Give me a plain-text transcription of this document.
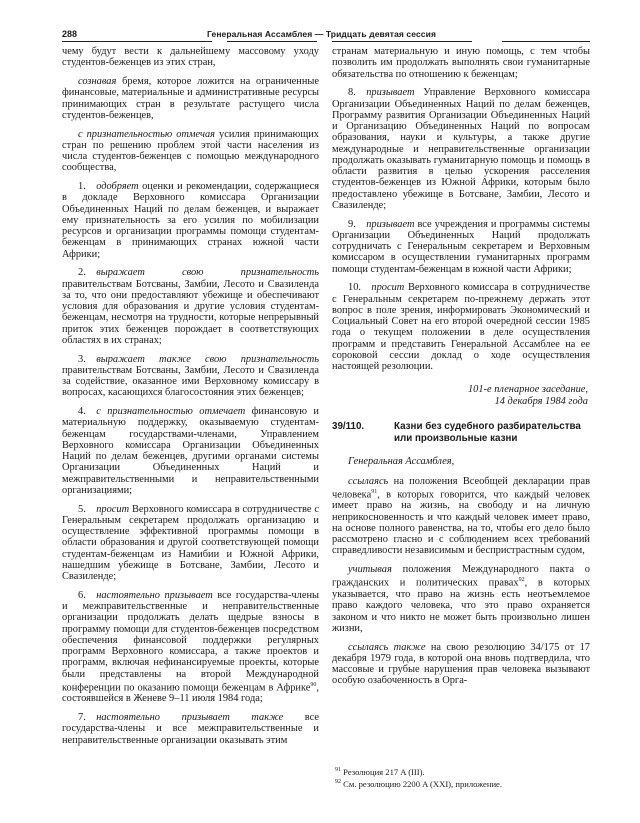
288	Генеральная Ассамблея — Тридцать девятая сессия

чему будут вести к дальнейшему массовому уходу студентов-беженцев из этих стран,

сознавая бремя, которое ложится на ограниченные финансовые, материальные и административные ресурсы принимающих стран в результате растущего числа студентов-беженцев,

с признательностью отмечая усилия принимающих стран по решению проблем этой части населения из числа студентов-беженцев с помощью международного сообщества,

1.  одобряет оценки и рекомендации, содержащиеся в докладе Верховного комиссара Организации Объединенных Наций по делам беженцев, и выражает ему признательность за его усилия по мобилизации ресурсов и организации программы помощи студентам-беженцам в принимающих странах южной части Африки;

2.  выражает свою признательность правительствам Ботсваны, Замбии, Лесото и Свазиленда за то, что они предоставляют убежище и обеспечивают условия для образования и другие условия студентам-беженцам, несмотря на трудности, которые непрерывный приток этих беженцев порождает в соответствующих областях в их странах;

3.  выражает также свою признательность правительствам Ботсваны, Замбии, Лесото и Свазиленда за содействие, оказанное ими Верховному комиссару в вопросах, касающихся благосостояния этих беженцев;

4.  с признательностью отмечает финансовую и материальную поддержку, оказываемую студентам-беженцам государствами-членами, Управлением Верховного комиссара Организации Объединенных Наций по делам беженцев, другими органами системы Организации Объединенных Наций и межправительственными и неправительственными организациями;

5.  просит Верховного комиссара в сотрудничестве с Генеральным секретарем продолжать организацию и осуществление эффективной программы помощи в области образования и другой соответствующей помощи студентам-беженцам из Намибии и Южной Африки, нашедшим убежище в Ботсване, Замбии, Лесото и Свазиленде;

6.  настоятельно призывает все государства-члены и межправительственные и неправительственные организации продолжать делать щедрые взносы в программу помощи для студентов-беженцев посредством обеспечения финансовой поддержки регулярных программ Верховного комиссара, а также проектов и программ, включая нефинансируемые проекты, которые были представлены на второй Международной конференции по оказанию помощи беженцам в Африке$^{90}$, состоявшейся в Женеве 9–11 июля 1984 года;

7.  настоятельно призывает также все государства-члены и все межправительственные и неправительственные организации оказывать этим

странам материальную и иную помощь, с тем чтобы позволить им продолжать выполнять свои гуманитарные обязательства по отношению к беженцам;

8.  призывает Управление Верховного комиссара Организации Объединенных Наций по делам беженцев, Программу развития Организации Объединенных Наций и Организацию Объединенных Наций по вопросам образования, науки и культуры, а также другие международные и неправительственные организации продолжать оказывать гуманитарную помощь и помощь в области развития в целью ускорения расселения студентов-беженцев из Южной Африки, которым было предоставлено убежище в Ботсване, Замбии, Лесото и Свазиленде;

9.  призывает все учреждения и программы системы Организации Объединенных Наций продолжать сотрудничать с Генеральным секретарем и Верховным комиссаром в осуществлении гуманитарных программ помощи студентам-беженцам в южной части Африки;

10.  просит Верховного комиссара в сотрудничестве с Генеральным секретарем по-прежнему держать этот вопрос в поле зрения, информировать Экономический и Социальный Совет на его второй очередной сессии 1985 года о текущем положении в деле осуществления программ и представить Генеральной Ассамблее на ее сороковой сессии доклад о ходе осуществления настоящей резолюции.

101-е пленарное заседание,
14 декабря 1984 года
39/110.	Казни без судебного разбирательства или произвольные казни

Генеральная Ассамблея,

ссылаясь на положения Всеобщей декларации прав человека$^{91}$, в которых говорится, что каждый человек имеет право на жизнь, на свободу и на личную неприкосновенность и что каждый человек имеет право, на основе полного равенства, на то, чтобы его дело было рассмотрено гласно и с соблюдением всех требований справедливости независимым и беспристрастным судом,

учитывая положения Международного пакта о гражданских и политических правах$^{92}$, в которых указывается, что право на жизнь есть неотъемлемое право каждого человека, что это право охраняется законом и что никто не может быть произвольно лишен жизни,

ссылаясь также на свою резолюцию 34/175 от 17 декабря 1979 года, в которой она вновь подтвердила, что массовые и грубые нарушения прав человека вызывают особую озабоченность в Орга-

$^{91}$ Резолюция 217 A (III).
$^{92}$ См. резолюцию 2200 A (XXI), приложение.
